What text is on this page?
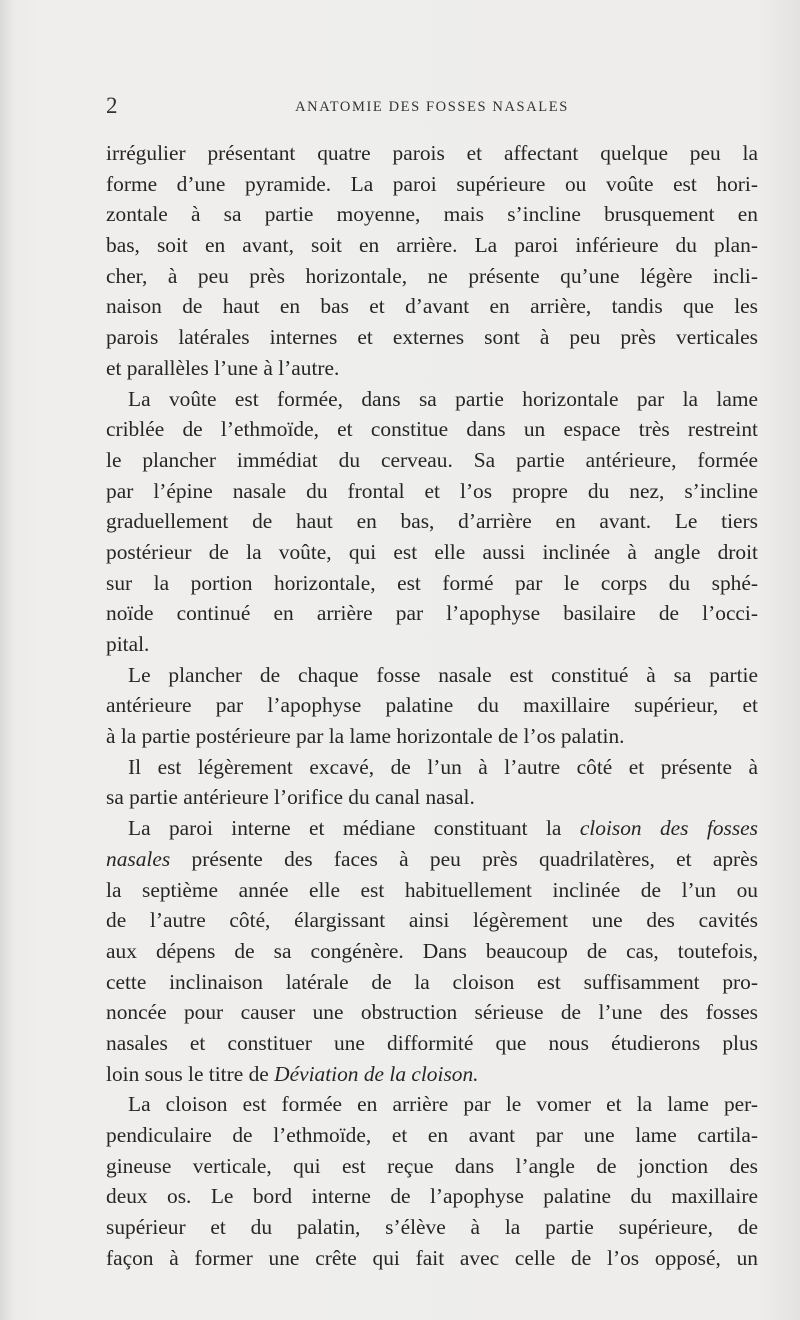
2	ANATOMIE DES FOSSES NASALES
irrégulier présentant quatre parois et affectant quelque peu la
forme d’une pyramide. La paroi supérieure ou voûte est hori-
zontale à sa partie moyenne, mais s’incline brusquement en
bas, soit en avant, soit en arrière. La paroi inférieure du plan-
cher, à peu près horizontale, ne présente qu’une légère incli-
naison de haut en bas et d’avant en arrière, tandis que les
parois latérales internes et externes sont à peu près verticales
et parallèles l’une à l’autre.
La voûte est formée, dans sa partie horizontale par la lame
criblée de l’ethmoïde, et constitue dans un espace très restreint
le plancher immédiat du cerveau. Sa partie antérieure, formée
par l’épine nasale du frontal et l’os propre du nez, s’incline
graduellement de haut en bas, d’arrière en avant. Le tiers
postérieur de la voûte, qui est elle aussi inclinée à angle droit
sur la portion horizontale, est formé par le corps du sphé-
noïde continué en arrière par l’apophyse basilaire de l’occi-
pital.
Le plancher de chaque fosse nasale est constitué à sa partie
antérieure par l’apophyse palatine du maxillaire supérieur, et
à la partie postérieure par la lame horizontale de l’os palatin.
Il est légèrement excavé, de l’un à l’autre côté et présente à
sa partie antérieure l’orifice du canal nasal.
La paroi interne et médiane constituant la cloison des fosses
nasales présente des faces à peu près quadrilatères, et après
la septième année elle est habituellement inclinée de l’un ou
de l’autre côté, élargissant ainsi légèrement une des cavités
aux dépens de sa congénère. Dans beaucoup de cas, toutefois,
cette inclinaison latérale de la cloison est suffisamment pro-
noncée pour causer une obstruction sérieuse de l’une des fosses
nasales et constituer une difformité que nous étudierons plus
loin sous le titre de Déviation de la cloison.
La cloison est formée en arrière par le vomer et la lame per-
pendiculaire de l’ethmoïde, et en avant par une lame cartila-
gineuse verticale, qui est reçue dans l’angle de jonction des
deux os. Le bord interne de l’apophyse palatine du maxillaire
supérieur et du palatin, s’élève à la partie supérieure, de
façon à former une crête qui fait avec celle de l’os opposé, un
